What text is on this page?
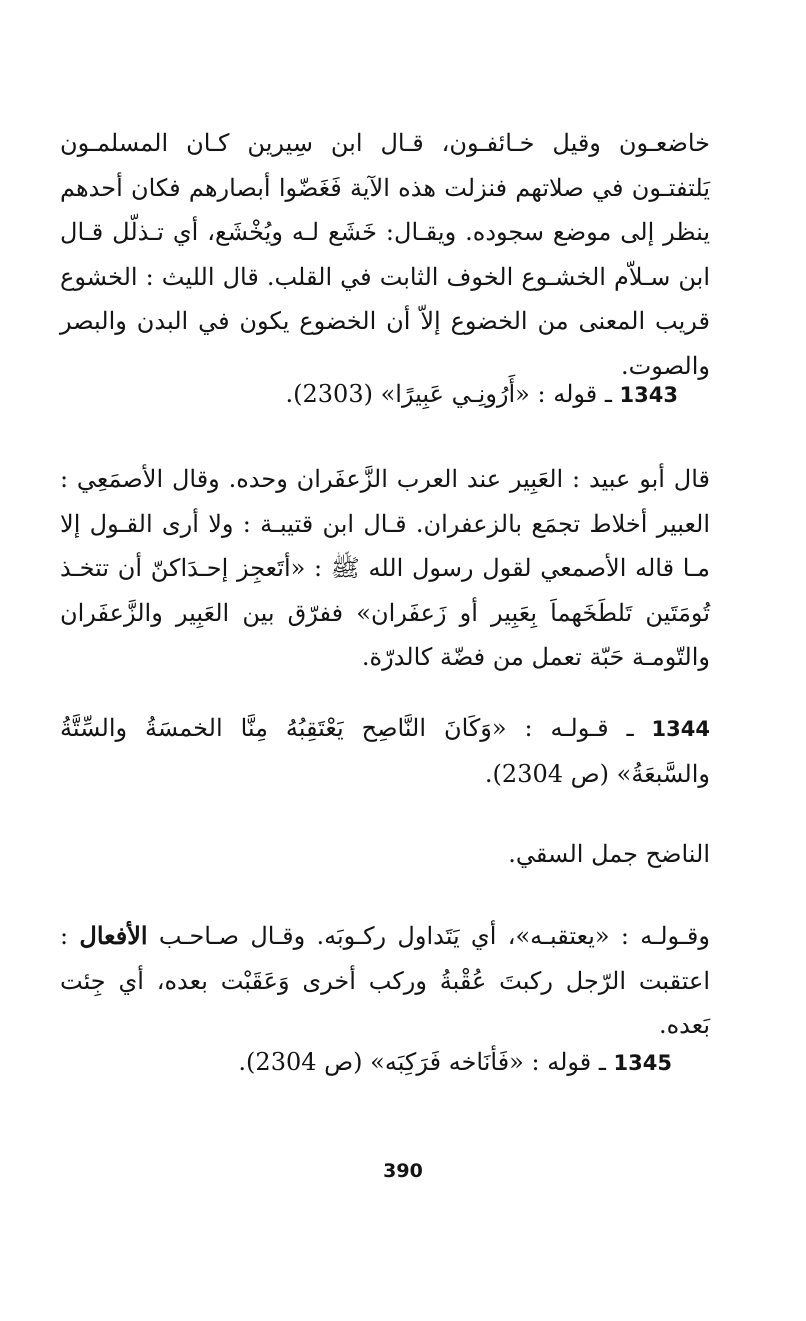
خاضعـون وقيل خـائفـون، قـال ابن سِيرين كـان المسلمـون يَلتفتـون في صلاتهم فنزلت هذه الآية فَغَضّوا أبصارهم فكان أحدهم ينظر إلى موضع سجوده. ويقـال: خَشَع لـه ويُخْشَع، أي تـذلّل قـال ابن سـلاّم الخشـوع الخوف الثابت في القلب. قال الليث : الخشوع قريب المعنى من الخضوع إلاّ أن الخضوع يكون في البدن والبصر والصوت.

1343 ـ قوله : «أَرُونِـي عَبِيرًا» (2303).

قال أبو عبيد : العَبِير عند العرب الزَّعفَران وحده. وقال الأصمَعِي : العبير أخلاط تجمَع بالزعفران. قـال ابن قتيبـة : ولا أرى القـول إلا مـا قاله الأصمعي لقول رسول الله ﷺ : «أتَعجِز إحـدَاكنّ أن تتخـذ تُومَتَين تَلطَخَهماَ بِعَبِير أو زَعفَران» ففرّق بين العَبِير والزَّعفَران والتّومـة حَبّة تعمل من فضّة كالدرّة.

1344 ـ قـولـه : «وَكَانَ النَّاصِح يَعْتَقِبُهُ مِنَّا الخمسَةُ والسِّتَّةُ والسَّبعَةُ» (ص 2304).

الناضح جمل السقي.

وقـولـه : «يعتقبـه»، أي يَتَداول ركـوبَه. وقـال صـاحـب الأفعال : اعتقبت الرّجل ركبتَ عُقْبةُ وركب أخرى وَعَقَبْت بعده، أي جِئت بَعده.

1345 ـ قوله : «فَأنَاخه فَرَكِبَه» (ص 2304).

390
